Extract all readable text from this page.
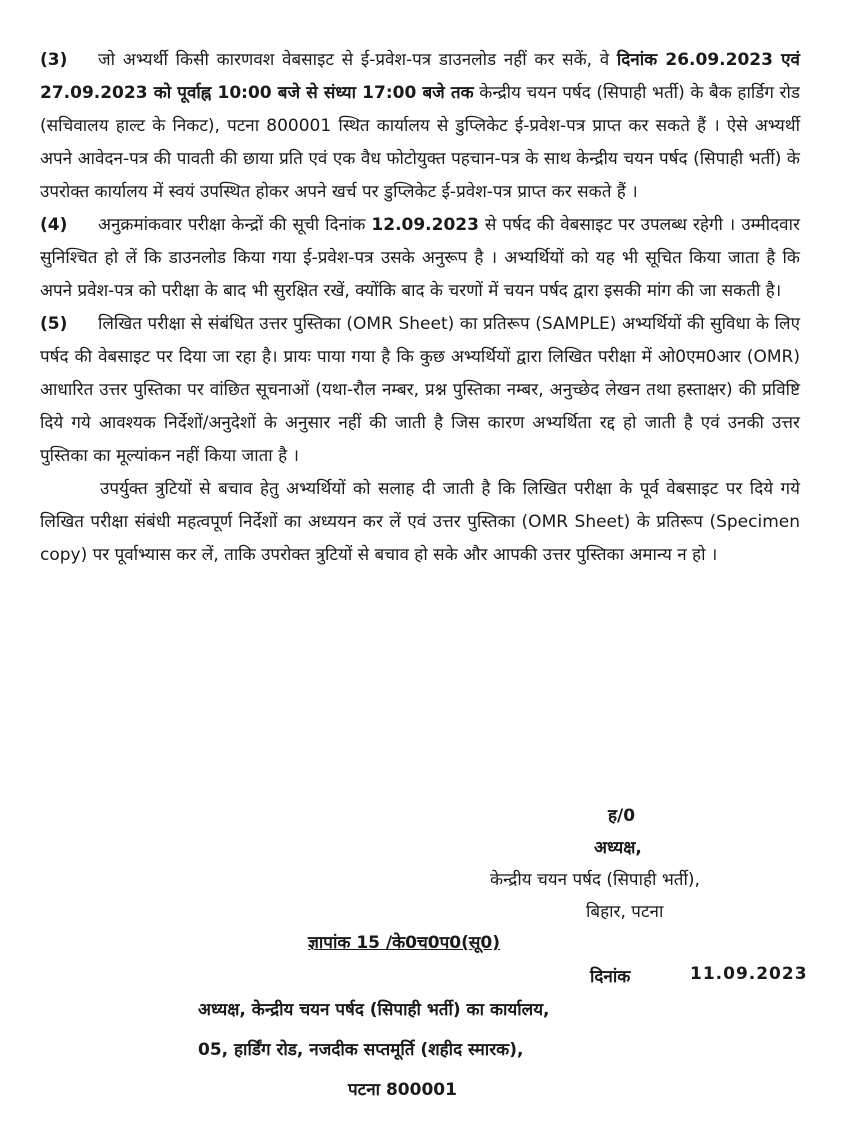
(3) जो अभ्यर्थी किसी कारणवश वेबसाइट से ई-प्रवेश-पत्र डाउनलोड नहीं कर सकें, वे दिनांक 26.09.2023 एवं 27.09.2023 को पूर्वाह्न 10:00 बजे से संध्या 17:00 बजे तक केन्द्रीय चयन पर्षद (सिपाही भर्ती) के बैक हार्डिग रोड (सचिवालय हाल्ट के निकट), पटना 800001 स्थित कार्यालय से डुप्लिकेट ई-प्रवेश-पत्र प्राप्त कर सकते हैं । ऐसे अभ्यर्थी अपने आवेदन-पत्र की पावती की छाया प्रति एवं एक वैध फोटोयुक्त पहचान-पत्र के साथ केन्द्रीय चयन पर्षद (सिपाही भर्ती) के उपरोक्त कार्यालय में स्वयं उपस्थित होकर अपने खर्च पर डुप्लिकेट ई-प्रवेश-पत्र प्राप्त कर सकते हैं ।

(4) अनुक्रमांकवार परीक्षा केन्द्रों की सूची दिनांक 12.09.2023 से पर्षद की वेबसाइट पर उपलब्ध रहेगी । उम्मीदवार सुनिश्चित हो लें कि डाउनलोड किया गया ई-प्रवेश-पत्र उसके अनुरूप है । अभ्यर्थियों को यह भी सूचित किया जाता है कि अपने प्रवेश-पत्र को परीक्षा के बाद भी सुरक्षित रखें, क्योंकि बाद के चरणों में चयन पर्षद द्वारा इसकी मांग की जा सकती है।

(5) लिखित परीक्षा से संबंधित उत्तर पुस्तिका (OMR Sheet) का प्रतिरूप (SAMPLE) अभ्यर्थियों की सुविधा के लिए पर्षद की वेबसाइट पर दिया जा रहा है। प्रायः पाया गया है कि कुछ अभ्यर्थियों द्वारा लिखित परीक्षा में ओ0एम0आर (OMR) आधारित उत्तर पुस्तिका पर वांछित सूचनाओं (यथा-रौल नम्बर, प्रश्न पुस्तिका नम्बर, अनुच्छेद लेखन तथा हस्ताक्षर) की प्रविष्टि दिये गये आवश्यक निर्देशों/अनुदेशों के अनुसार नहीं की जाती है जिस कारण अभ्यर्थिता रद्द हो जाती है एवं उनकी उत्तर पुस्तिका का मूल्यांकन नहीं किया जाता है ।

उपर्युक्त त्रुटियों से बचाव हेतु अभ्यर्थियों को सलाह दी जाती है कि लिखित परीक्षा के पूर्व वेबसाइट पर दिये गये लिखित परीक्षा संबंधी महत्वपूर्ण निर्देशों का अध्ययन कर लें एवं उत्तर पुस्तिका (OMR Sheet) के प्रतिरूप (Specimen copy) पर पूर्वाभ्यास कर लें, ताकि उपरोक्त त्रुटियों से बचाव हो सके और आपकी उत्तर पुस्तिका अमान्य न हो ।

ह/0
अध्यक्ष,
केन्द्रीय चयन पर्षद (सिपाही भर्ती),
बिहार, पटना
ज्ञापांक 15 /के0च0प0(सू0)
दिनांक	11.09.2023
अध्यक्ष, केन्द्रीय चयन पर्षद (सिपाही भर्ती) का कार्यालय,
05, हार्डिंग रोड, नजदीक सप्तमूर्ति (शहीद स्मारक),
पटना 800001
